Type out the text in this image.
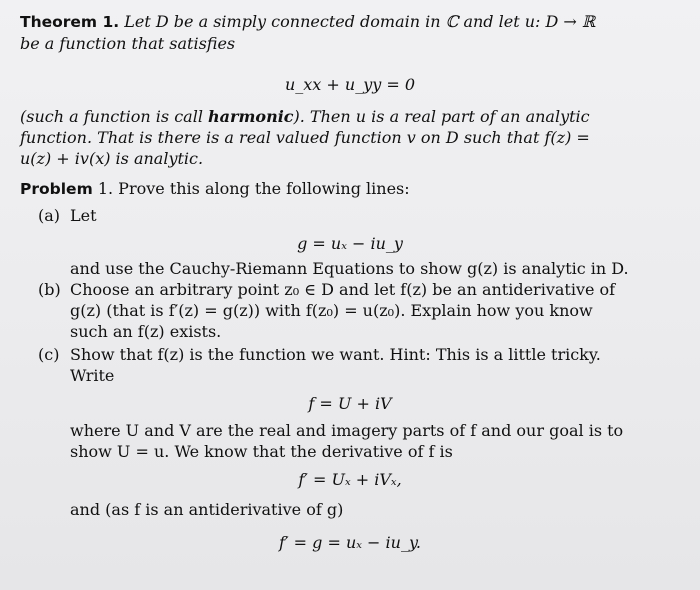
Theorem 1. Let D be a simply connected domain in ℂ and let u: D → ℝ
be a function that satisfies
u_xx + u_yy = 0
(such a function is call harmonic). Then u is a real part of an analytic
function. That is there is a real valued function v on D such that f(z) =
u(z) + iv(x) is analytic.
Problem 1. Prove this along the following lines:
(a) Let
g = uₓ − iu_y
and use the Cauchy-Riemann Equations to show g(z) is analytic in D.
(b) Choose an arbitrary point z₀ ∈ D and let f(z) be an antiderivative of
g(z) (that is f′(z) = g(z)) with f(z₀) = u(z₀). Explain how you know
such an f(z) exists.
(c) Show that f(z) is the function we want. Hint: This is a little tricky.
Write
f = U + iV
where U and V are the real and imagery parts of f and our goal is to
show U = u. We know that the derivative of f is
f′ = Uₓ + iVₓ,
and (as f is an antiderivative of g)
f′ = g = uₓ − iu_y.
